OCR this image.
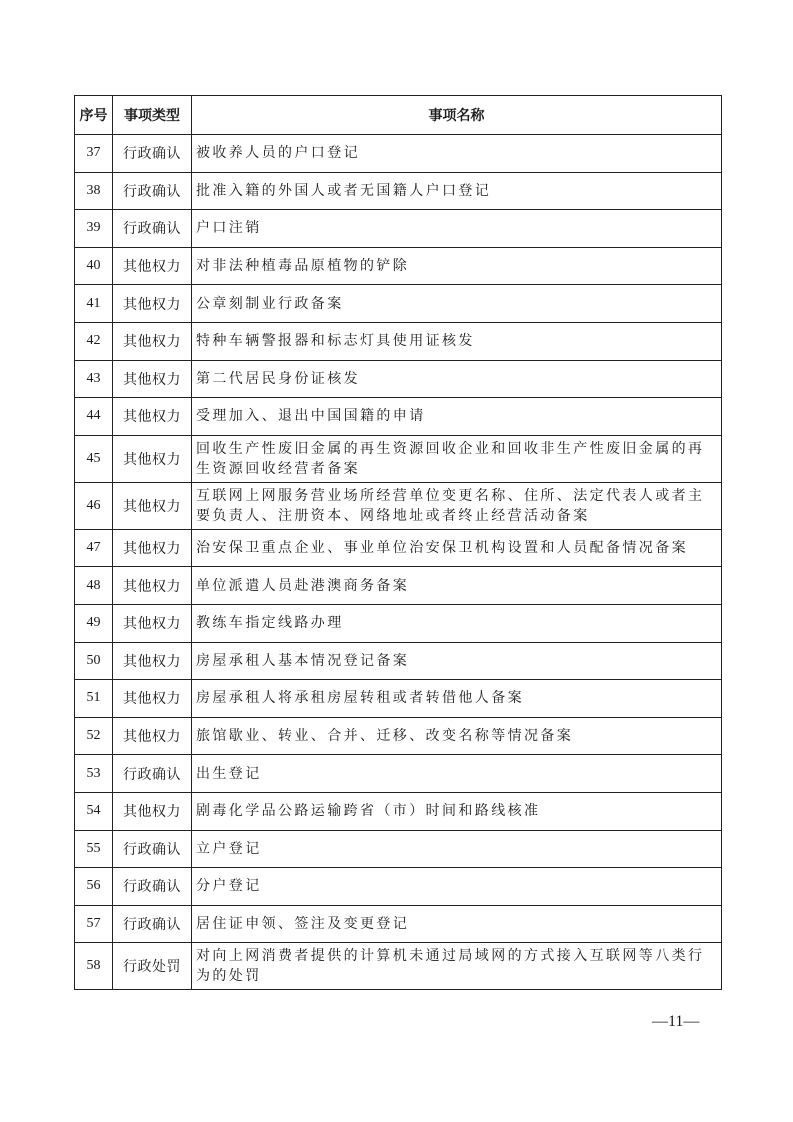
序号	事项类型	事项名称
37	行政确认	被收养人员的户口登记
38	行政确认	批准入籍的外国人或者无国籍人户口登记
39	行政确认	户口注销
40	其他权力	对非法种植毒品原植物的铲除
41	其他权力	公章刻制业行政备案
42	其他权力	特种车辆警报器和标志灯具使用证核发
43	其他权力	第二代居民身份证核发
44	其他权力	受理加入、退出中国国籍的申请
45	其他权力	回收生产性废旧金属的再生资源回收企业和回收非生产性废旧金属的再生资源回收经营者备案
46	其他权力	互联网上网服务营业场所经营单位变更名称、住所、法定代表人或者主要负责人、注册资本、网络地址或者终止经营活动备案
47	其他权力	治安保卫重点企业、事业单位治安保卫机构设置和人员配备情况备案
48	其他权力	单位派遣人员赴港澳商务备案
49	其他权力	教练车指定线路办理
50	其他权力	房屋承租人基本情况登记备案
51	其他权力	房屋承租人将承租房屋转租或者转借他人备案
52	其他权力	旅馆歇业、转业、合并、迁移、改变名称等情况备案
53	行政确认	出生登记
54	其他权力	剧毒化学品公路运输跨省（市）时间和路线核准
55	行政确认	立户登记
56	行政确认	分户登记
57	行政确认	居住证申领、签注及变更登记
58	行政处罚	对向上网消费者提供的计算机未通过局域网的方式接入互联网等八类行为的处罚
—11—
